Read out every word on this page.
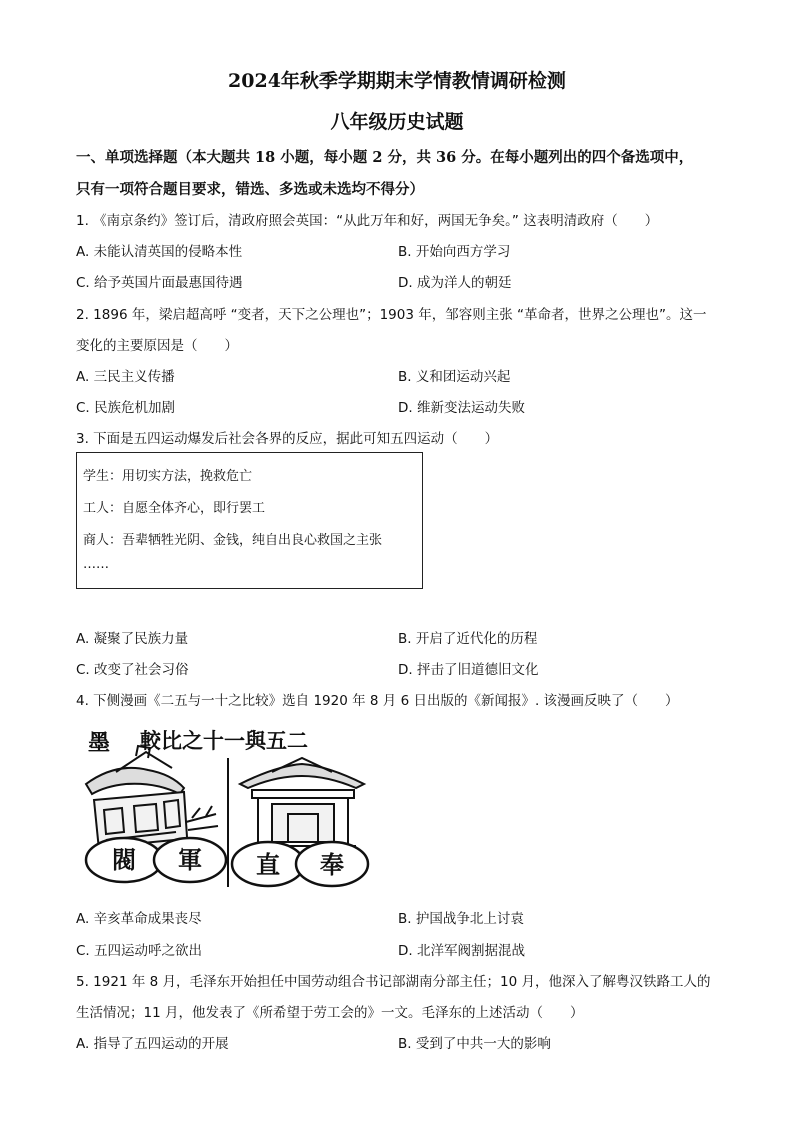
2024年秋季学期期末学情教情调研检测
八年级历史试题
一、单项选择题（本大题共 18 小题，每小题 2 分，共 36 分。在每小题列出的四个备选项中，
只有一项符合题目要求，错选、多选或未选均不得分）
1. 《南京条约》签订后，清政府照会英国：“从此万年和好，两国无争矣。” 这表明清政府（　　）
A. 未能认清英国的侵略本性	B. 开始向西方学习
C. 给予英国片面最惠国待遇	D. 成为洋人的朝廷
2. 1896 年，梁启超高呼 “变者，天下之公理也”；1903 年，邹容则主张 “革命者，世界之公理也”。这一
变化的主要原因是（　　）
A. 三民主义传播	B. 义和团运动兴起
C. 民族危机加剧	D. 维新变法运动失败
3. 下面是五四运动爆发后社会各界的反应，据此可知五四运动（　　）
学生：用切实方法，挽救危亡
工人：自愿全体齐心，即行罢工
商人：吾辈牺牲光阴、金钱，纯自出良心救国之主张
……
A. 凝聚了民族力量	B. 开启了近代化的历程
C. 改变了社会习俗	D. 抨击了旧道德旧文化
4. 下侧漫画《二五与一十之比较》选自 1920 年 8 月 6 日出版的《新闻报》. 该漫画反映了（　　）
墨 較比之十一與五二
閥 軍 直 奉
A. 辛亥革命成果丧尽	B. 护国战争北上讨袁
C. 五四运动呼之欲出	D. 北洋军阀割据混战
5. 1921 年 8 月，毛泽东开始担任中国劳动组合书记部湖南分部主任；10 月，他深入了解粤汉铁路工人的
生活情况；11 月，他发表了《所希望于劳工会的》一文。毛泽东的上述活动（　　）
A. 指导了五四运动的开展	B. 受到了中共一大的影响
